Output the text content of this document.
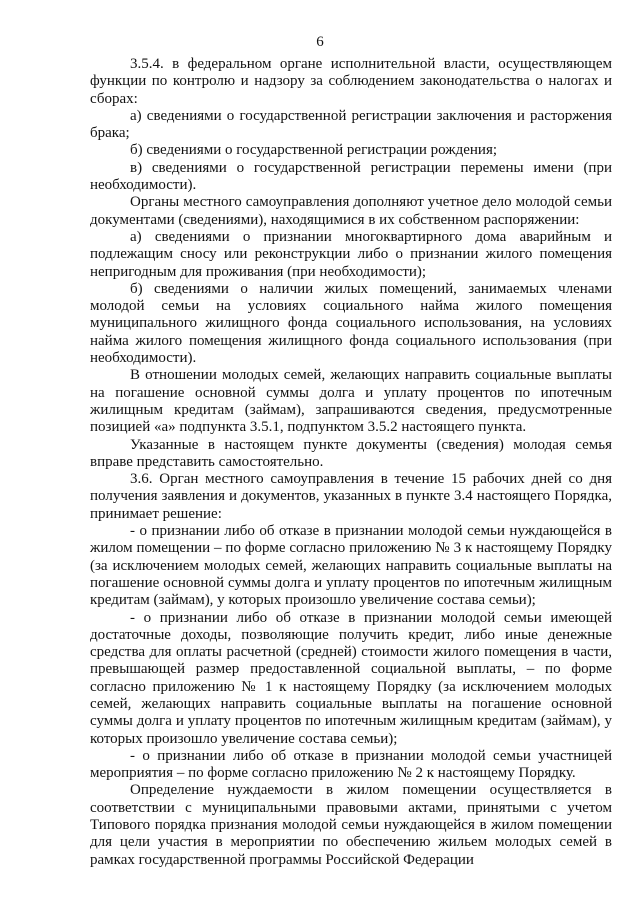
6

3.5.4. в федеральном органе исполнительной власти, осуществляющем функции по контролю и надзору за соблюдением законодательства о налогах и сборах:

а) сведениями о государственной регистрации заключения и расторжения брака;

б) сведениями о государственной регистрации рождения;

в) сведениями о государственной регистрации перемены имени (при необходимости).

Органы местного самоуправления дополняют учетное дело молодой семьи документами (сведениями), находящимися в их собственном распоряжении:

а) сведениями о признании многоквартирного дома аварийным и подлежащим сносу или реконструкции либо о признании жилого помещения непригодным для проживания (при необходимости);

б) сведениями о наличии жилых помещений, занимаемых членами молодой семьи на условиях социального найма жилого помещения муниципального жилищного фонда социального использования, на условиях найма жилого помещения жилищного фонда социального использования (при необходимости).

В отношении молодых семей, желающих направить социальные выплаты на погашение основной суммы долга и уплату процентов по ипотечным жилищным кредитам (займам), запрашиваются сведения, предусмотренные позицией «а» подпункта 3.5.1, подпунктом 3.5.2 настоящего пункта.

Указанные в настоящем пункте документы (сведения) молодая семья вправе представить самостоятельно.

3.6. Орган местного самоуправления в течение 15 рабочих дней со дня получения заявления и документов, указанных в пункте 3.4 настоящего Порядка, принимает решение:

- о признании либо об отказе в признании молодой семьи нуждающейся в жилом помещении – по форме согласно приложению № 3 к настоящему Порядку (за исключением молодых семей, желающих направить социальные выплаты на погашение основной суммы долга и уплату процентов по ипотечным жилищным кредитам (займам), у которых произошло увеличение состава семьи);

- о признании либо об отказе в признании молодой семьи имеющей достаточные доходы, позволяющие получить кредит, либо иные денежные средства для оплаты расчетной (средней) стоимости жилого помещения в части, превышающей размер предоставленной социальной выплаты, – по форме согласно приложению № 1 к настоящему Порядку (за исключением молодых семей, желающих направить социальные выплаты на погашение основной суммы долга и уплату процентов по ипотечным жилищным кредитам (займам), у которых произошло увеличение состава семьи);

- о признании либо об отказе в признании молодой семьи участницей мероприятия – по форме согласно приложению № 2 к настоящему Порядку.

Определение нуждаемости в жилом помещении осуществляется в соответствии с муниципальными правовыми актами, принятыми с учетом Типового порядка признания молодой семьи нуждающейся в жилом помещении для цели участия в мероприятии по обеспечению жильем молодых семей в рамках государственной программы Российской Федерации
